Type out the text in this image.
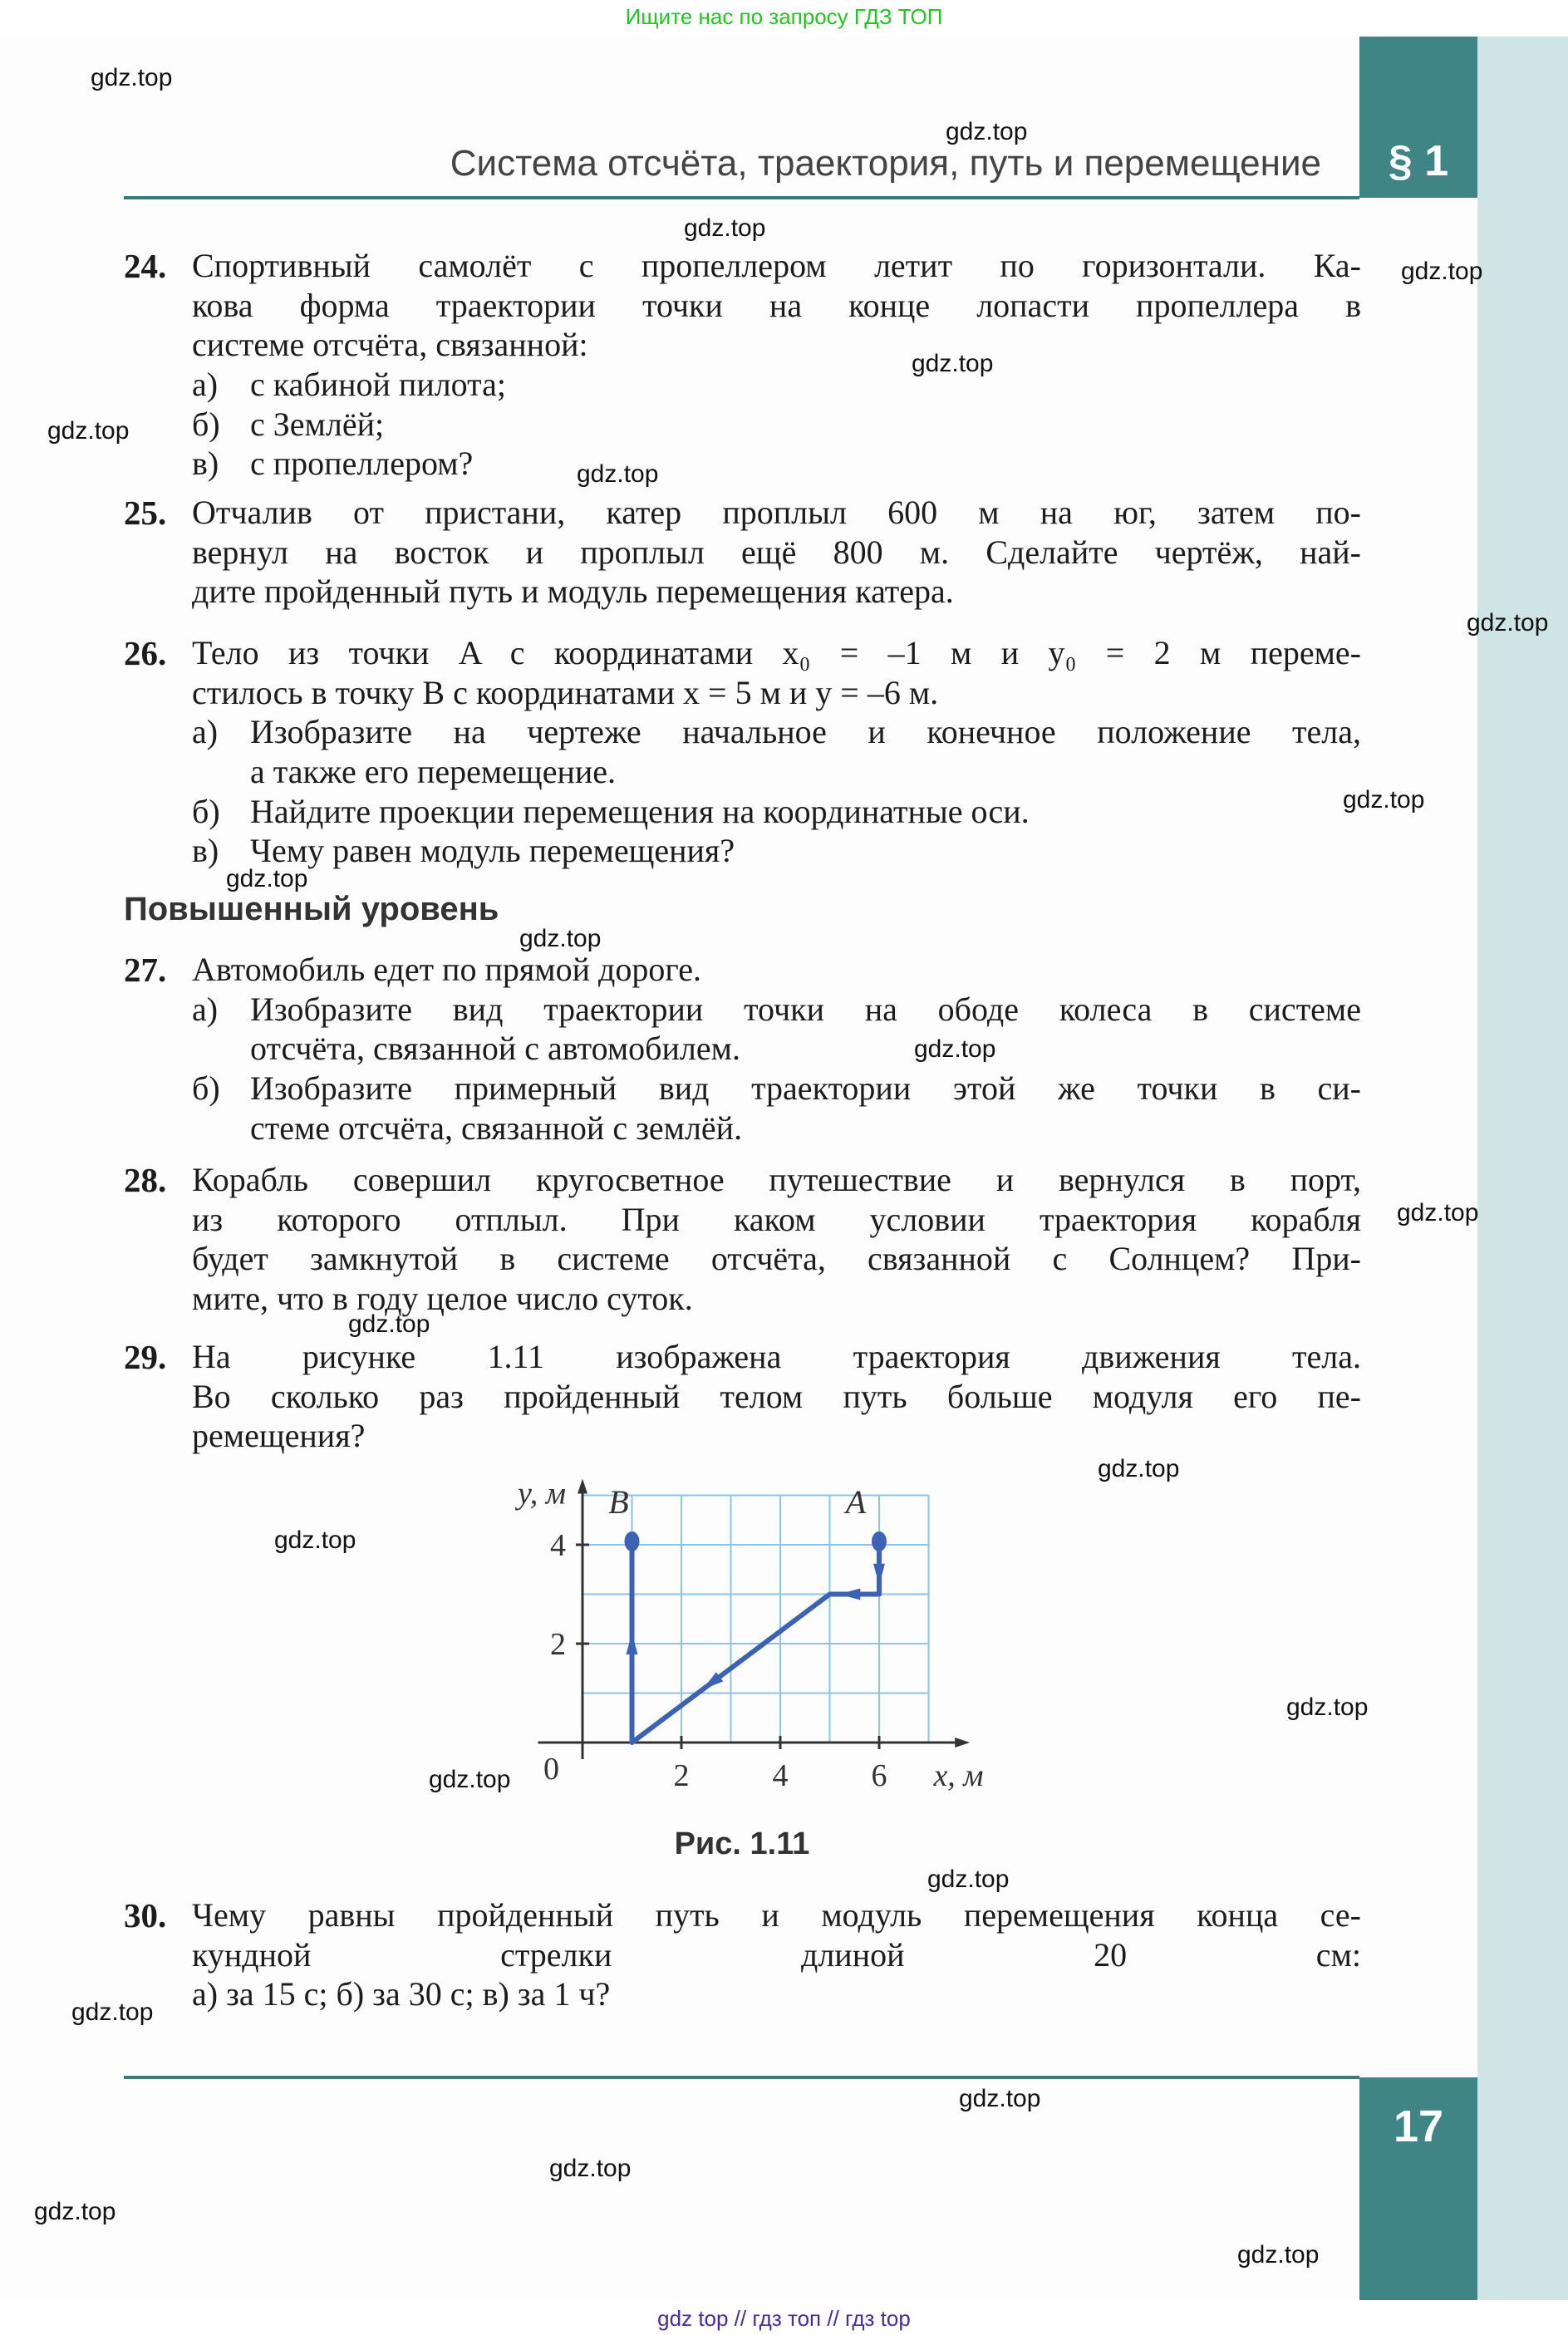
Ищите нас по запросу ГДЗ ТОП
§ 1
Система отсчёта, траектория, путь и перемещение
24. Спортивный самолёт с пропеллером летит по горизонтали. Ка-
кова форма траектории точки на конце лопасти пропеллера в
системе отсчёта, связанной:
а) с кабиной пилота;
б) с Землёй;
в) с пропеллером?
25. Отчалив от пристани, катер проплыл 600 м на юг, затем по-
вернул на восток и проплыл ещё 800 м. Сделайте чертёж, най-
дите пройденный путь и модуль перемещения катера.
26. Тело из точки A с координатами x₀ = –1 м и y₀ = 2 м переме-
стилось в точку B с координатами x = 5 м и y = –6 м.
а) Изобразите на чертеже начальное и конечное положение тела,
а также его перемещение.
б) Найдите проекции перемещения на координатные оси.
в) Чему равен модуль перемещения?
27. Автомобиль едет по прямой дороге.
а) Изобразите вид траектории точки на ободе колеса в системе
отсчёта, связанной с автомобилем.
б) Изобразите примерный вид траектории этой же точки в си-
стеме отсчёта, связанной с землёй.
28. Корабль совершил кругосветное путешествие и вернулся в порт,
из которого отплыл. При каком условии траектория корабля
будет замкнутой в системе отсчёта, связанной с Солнцем? При-
мите, что в году целое число суток.
29. На рисунке 1.11 изображена траектория движения тела.
Во сколько раз пройденный телом путь больше модуля его пе-
ремещения?
30. Чему равны пройденный путь и модуль перемещения конца се-
кундной стрелки длиной 20 см:
а) за 15 с; б) за 30 с; в) за 1 ч?
Повышенный уровень
2	4	6
2
4
0	x, м
y, м	A
B
Рис. 1.11
17
gdz.top
gdz.top
gdz.top
gdz.top
gdz.top
gdz.top
gdz.top
gdz.top
gdz.top
gdz.top
gdz.top
gdz.top
gdz.top
gdz.top
gdz.top
gdz.top
gdz.top
gdz.top
gdz.top
gdz.top
gdz.top
gdz.top
gdz.top
gdz.top
gdz top // гдз топ // гдз top
